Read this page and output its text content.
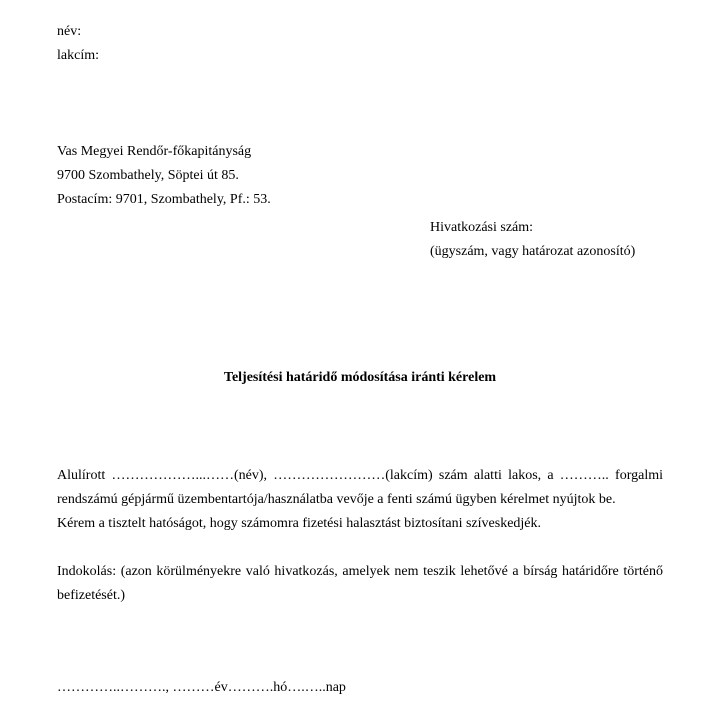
név:
lakcím:
Vas Megyei Rendőr-főkapitányság
9700 Szombathely, Söptei út 85.
Postacím: 9701, Szombathely, Pf.: 53.
Hivatkozási szám:
(ügyszám, vagy határozat azonosító)
Teljesítési határidő módosítása iránti kérelem

Alulírott ………………...……(név), ……………………(lakcím) szám alatti lakos, a ……….. forgalmi rendszámú gépjármű üzembentartója/használatba vevője a fenti számú ügyben kérelmet nyújtok be.

Kérem a tisztelt hatóságot, hogy számomra fizetési halasztást biztosítani szíveskedjék.

Indokolás: (azon körülményekre való hivatkozás, amelyek nem teszik lehetővé a bírság határidőre történő befizetését.)

…………..………., ………év……….hó….…..nap
